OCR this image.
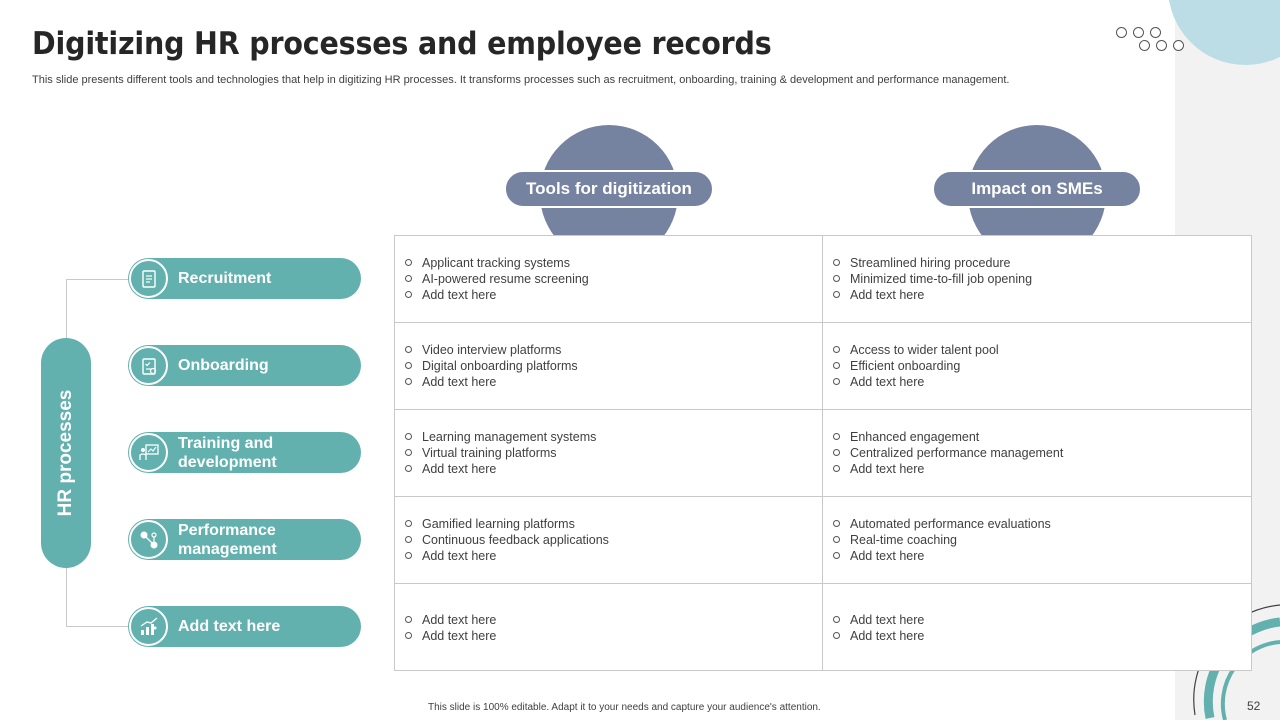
Digitizing HR processes and employee records

This slide presents different tools and technologies that help in digitizing HR processes. It transforms processes such as recruitment, onboarding, training & development and performance management.

Applicant tracking systems
AI-powered resume screening
Add text here
Streamlined hiring procedure
Minimized time-to-fill job opening
Add text here
Video interview platforms
Digital onboarding platforms
Add text here
Access to wider talent pool
Efficient onboarding
Add text here
Learning management systems
Virtual training platforms
Add text here
Enhanced engagement
Centralized performance management
Add text here
Gamified learning platforms
Continuous feedback applications
Add text here
Automated performance evaluations
Real-time coaching
Add text here
Add text here
Add text here
Add text here
Add text here
Tools for digitization	Impact on SMEs
HR processes
Recruitment
Onboarding
Training and development
Performance management
Add text here
This slide is 100% editable. Adapt it to your needs and capture your audience's attention.	52
